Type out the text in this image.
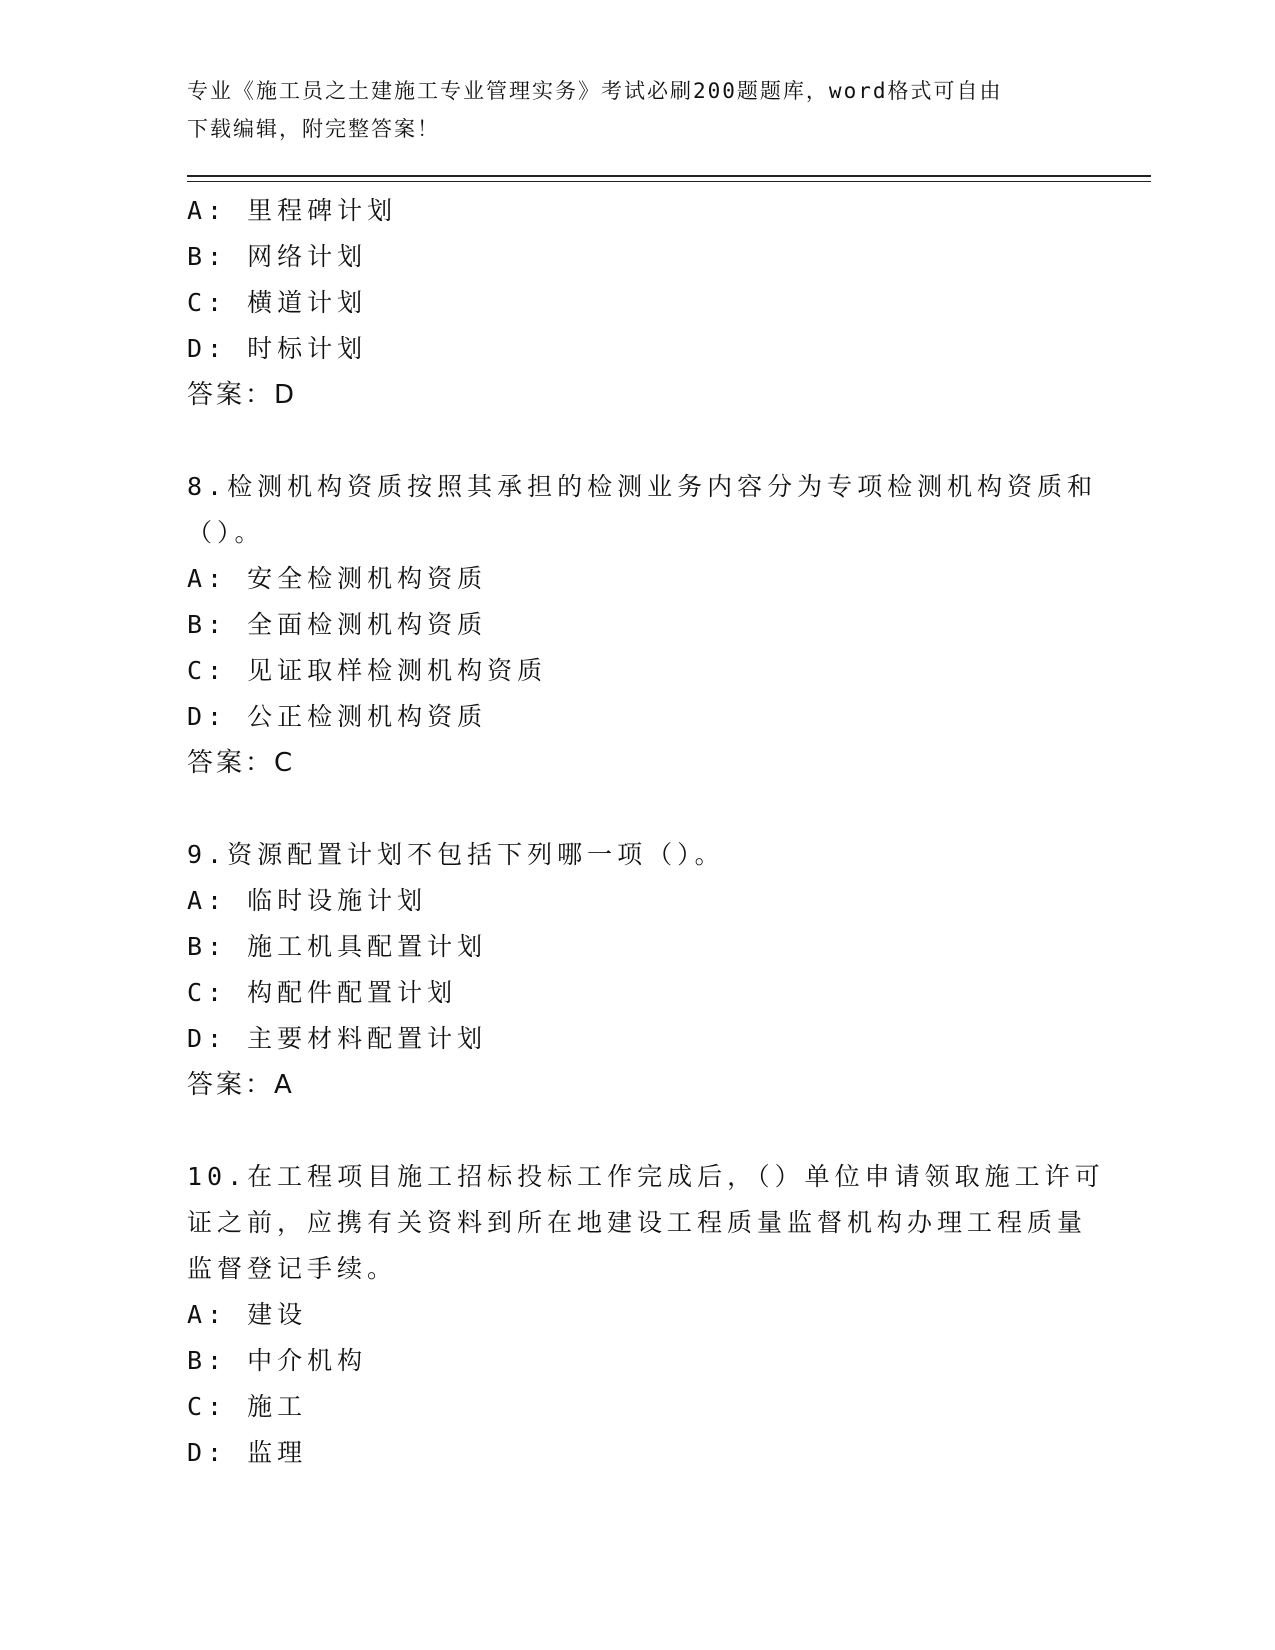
专业《施工员之土建施工专业管理实务》考试必刷200题题库，word格式可自由
下载编辑，附完整答案！
A: 里程碑计划
B: 网络计划
C: 横道计划
D: 时标计划
答案：D
8.检测机构资质按照其承担的检测业务内容分为专项检测机构资质和
（）。
A: 安全检测机构资质
B: 全面检测机构资质
C: 见证取样检测机构资质
D: 公正检测机构资质
答案：C
9.资源配置计划不包括下列哪一项（）。
A: 临时设施计划
B: 施工机具配置计划
C: 构配件配置计划
D: 主要材料配置计划
答案：A
10.在工程项目施工招标投标工作完成后，（）单位申请领取施工许可
证之前，应携有关资料到所在地建设工程质量监督机构办理工程质量
监督登记手续。
A: 建设
B: 中介机构
C: 施工
D: 监理
